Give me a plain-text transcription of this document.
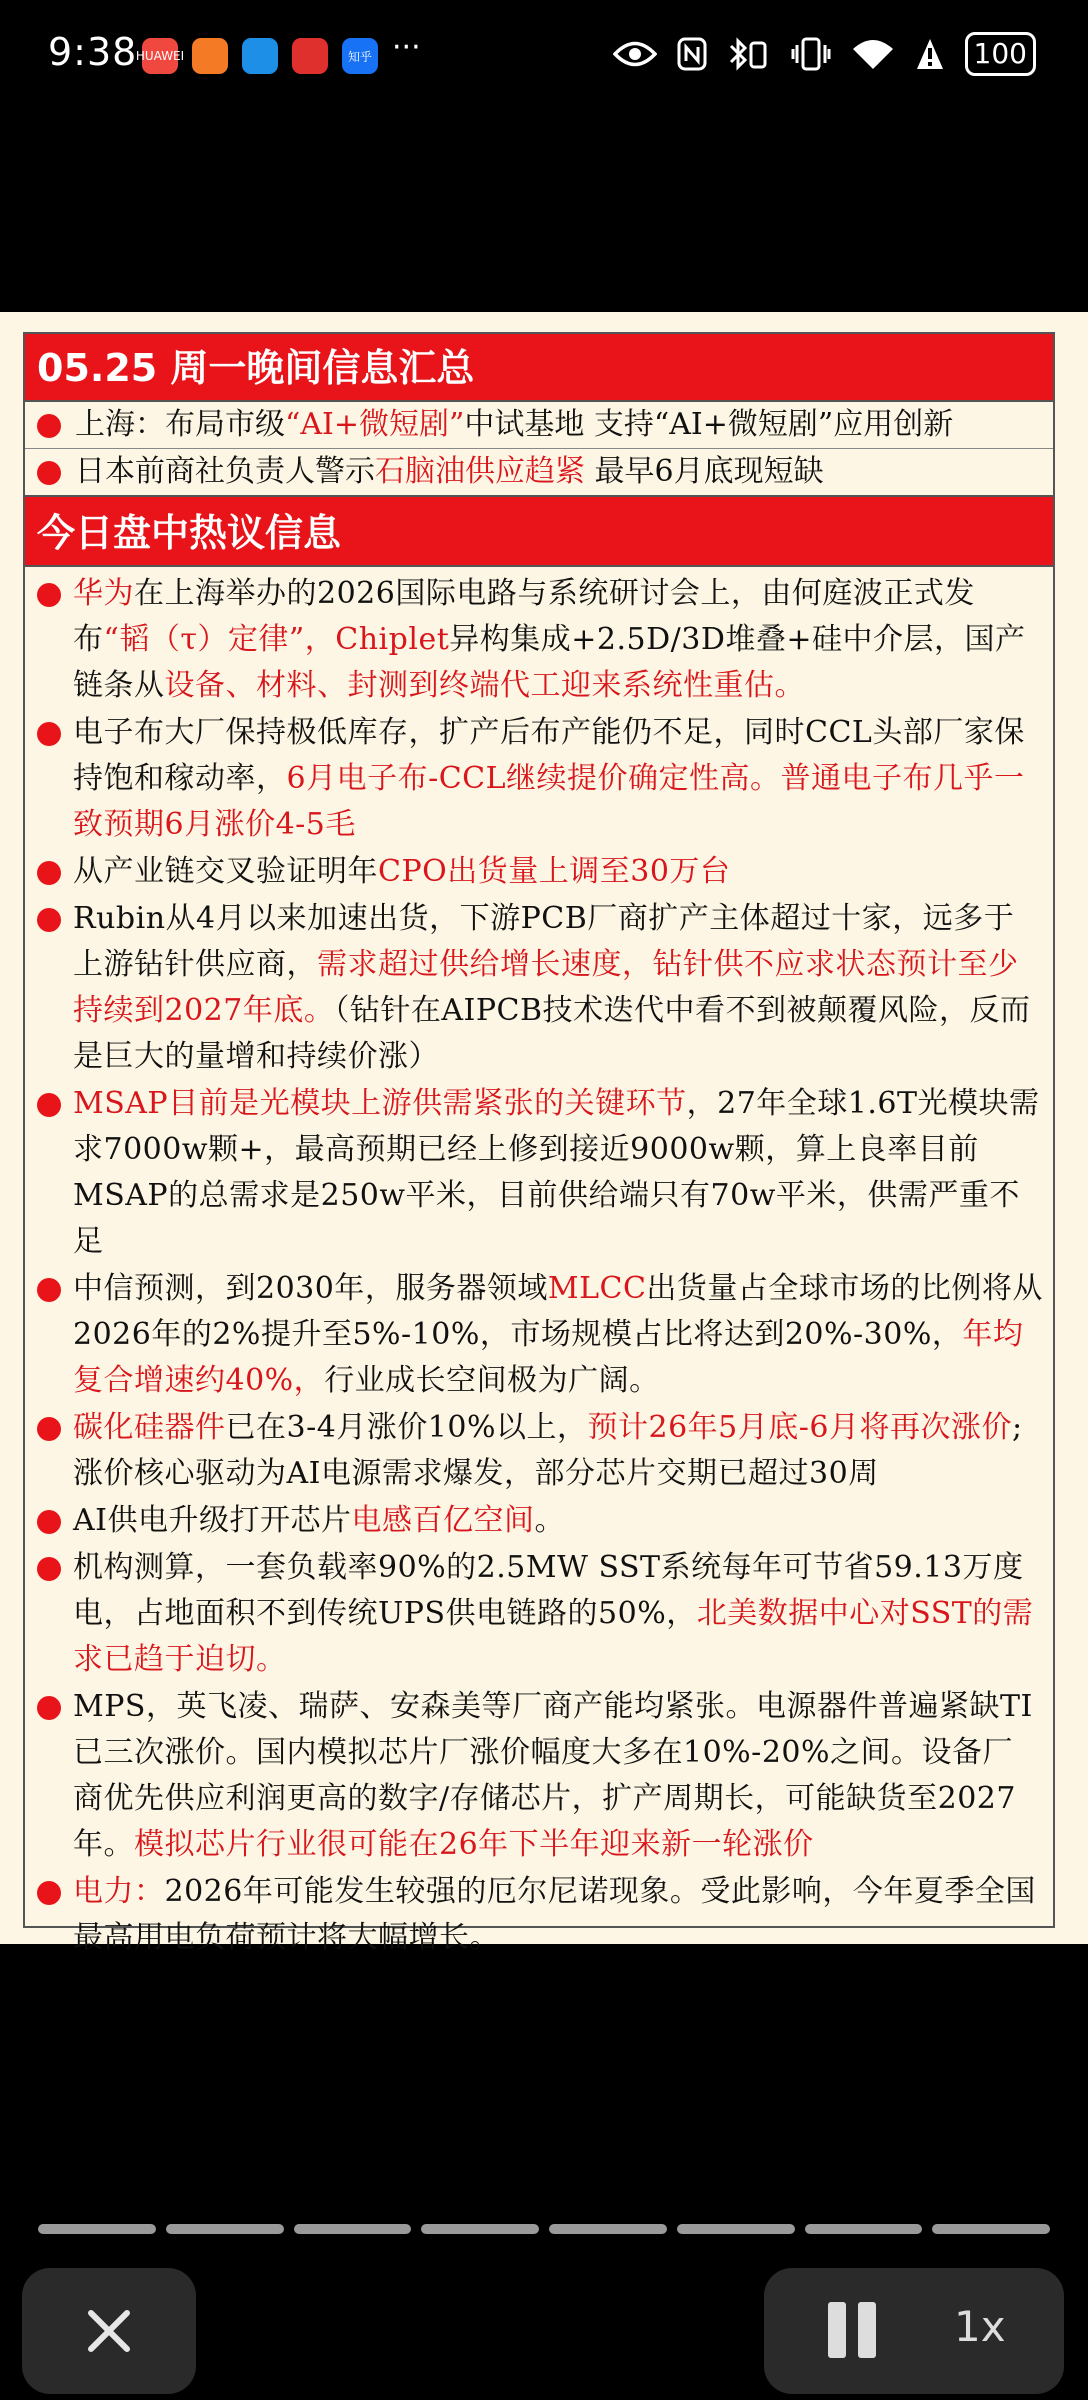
9:38
HUAWEI	知乎 ···	100
05.25 周一晚间信息汇总
上海：布局市级“AI+微短剧”中试基地 支持“AI+微短剧”应用创新
日本前商社负责人警示石脑油供应趋紧 最早6月底现短缺
今日盘中热议信息
华为在上海举办的2026国际电路与系统研讨会上，由何庭波正式发布“韬（τ）定律”，Chiplet异构集成+2.5D/3D堆叠+硅中介层，国产链条从设备、材料、封测到终端代工迎来系统性重估。
电子布大厂保持极低库存，扩产后布产能仍不足，同时CCL头部厂家保持饱和稼动率，6月电子布-CCL继续提价确定性高。普通电子布几乎一致预期6月涨价4-5毛
从产业链交叉验证明年CPO出货量上调至30万台
Rubin从4月以来加速出货，下游PCB厂商扩产主体超过十家，远多于上游钻针供应商，需求超过供给增长速度，钻针供不应求状态预计至少持续到2027年底。（钻针在AIPCB技术迭代中看不到被颠覆风险，反而是巨大的量增和持续价涨）
MSAP目前是光模块上游供需紧张的关键环节，27年全球1.6T光模块需求7000w颗+，最高预期已经上修到接近9000w颗，算上良率目前MSAP的总需求是250w平米，目前供给端只有70w平米，供需严重不足
中信预测，到2030年，服务器领域MLCC出货量占全球市场的比例将从2026年的2%提升至5%-10%，市场规模占比将达到20%-30%，年均复合增速约40%，行业成长空间极为广阔。
碳化硅器件已在3-4月涨价10%以上，预计26年5月底-6月将再次涨价;涨价核心驱动为AI电源需求爆发，部分芯片交期已超过30周
AI供电升级打开芯片电感百亿空间。
机构测算，一套负载率90%的2.5MW SST系统每年可节省59.13万度电，占地面积不到传统UPS供电链路的50%，北美数据中心对SST的需求已趋于迫切。
MPS，英飞凌、瑞萨、安森美等厂商产能均紧张。电源器件普遍紧缺TI已三次涨价。国内模拟芯片厂涨价幅度大多在10%-20%之间。设备厂商优先供应利润更高的数字/存储芯片，扩产周期长，可能缺货至2027年。模拟芯片行业很可能在26年下半年迎来新一轮涨价
电力：2026年可能发生较强的厄尔尼诺现象。受此影响，今年夏季全国最高用电负荷预计将大幅增长。
1x
